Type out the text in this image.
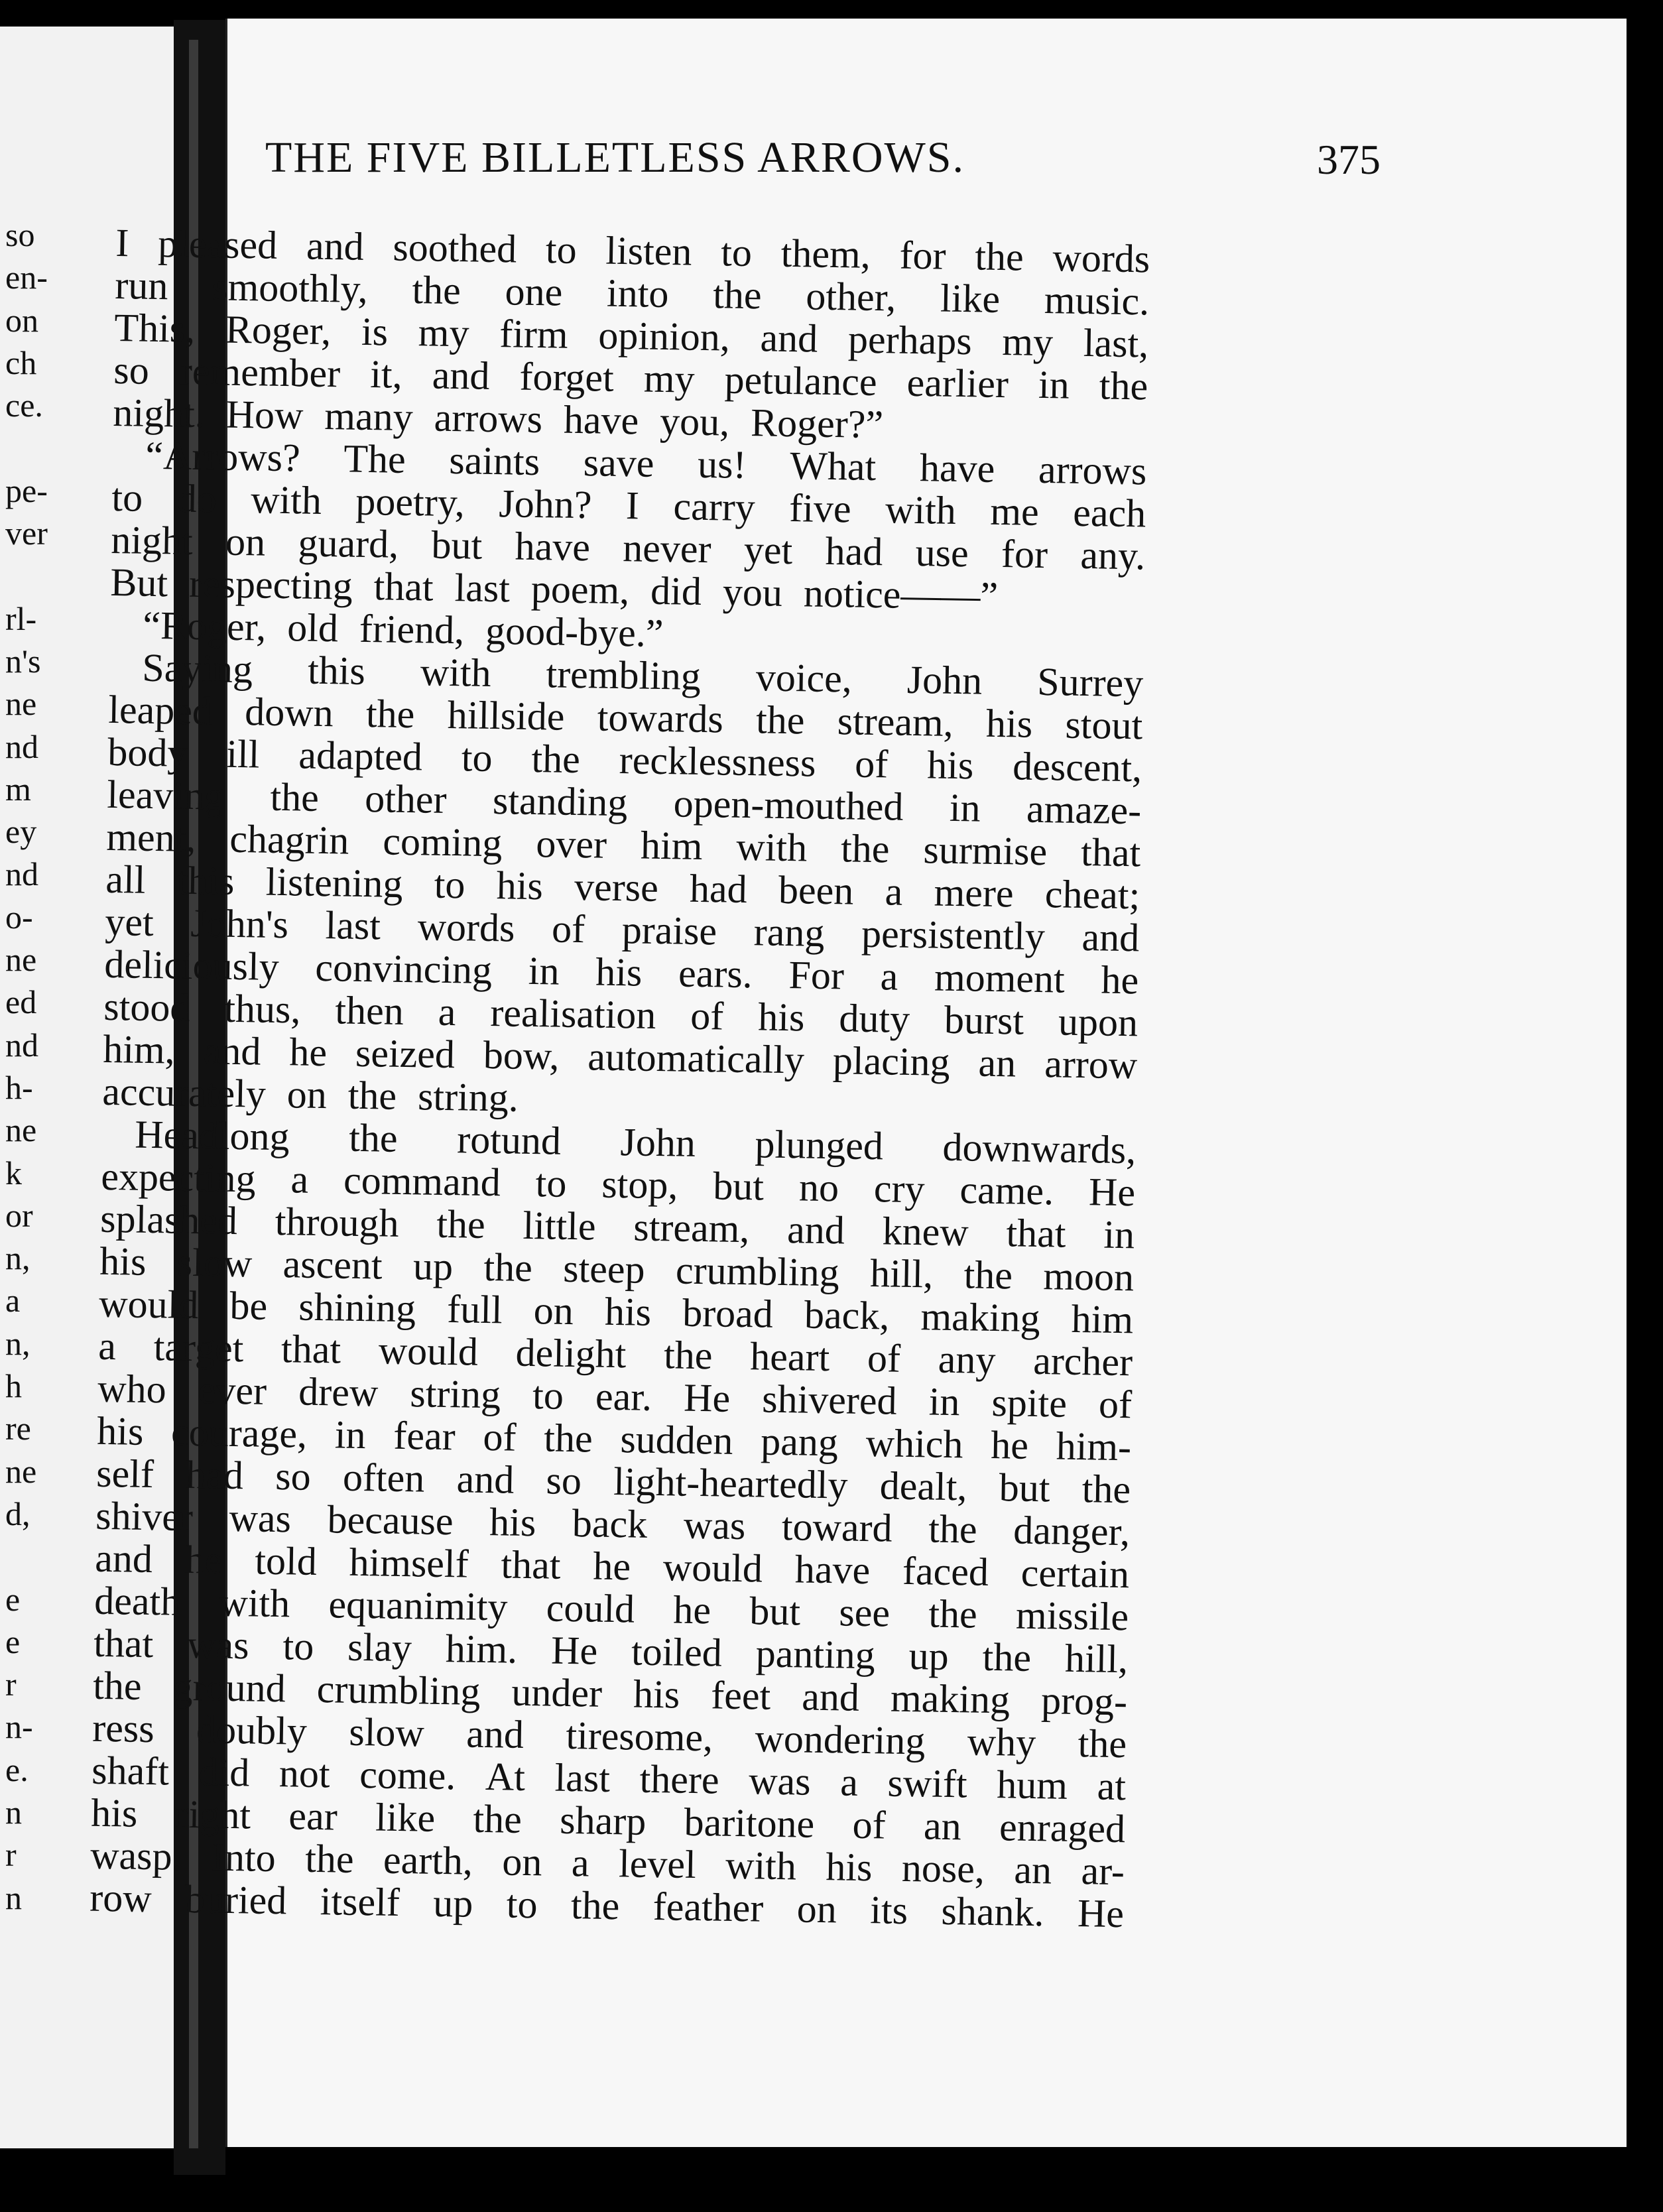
so
en-
on
ch
ce.
pe-
ver
rl-
n's
ne
nd
m
ey
nd
o-
ne
ed
nd
h-
ne
k
or
n,
a
n,
h
re
ne
d,
e
e
r
n-
e.
n
r
n
THE FIVE BILLETLESS ARROWS.	375
I pleased and soothed to listen to them, for the words
run smoothly, the one into the other, like music.
This, Roger, is my firm opinion, and perhaps my last,
so remember it, and forget my petulance earlier in the
night. How many arrows have you, Roger?”
“Arrows? The saints save us! What have arrows
to do with poetry, John? I carry five with me each
night on guard, but have never yet had use for any.
But respecting that last poem, did you notice——”
“Roger, old friend, good-bye.”
Saying this with trembling voice, John Surrey
leaped down the hillside towards the stream, his stout
body ill adapted to the recklessness of his descent,
leaving the other standing open-mouthed in amaze-
ment, chagrin coming over him with the surmise that
all this listening to his verse had been a mere cheat;
yet John's last words of praise rang persistently and
deliciously convincing in his ears. For a moment he
stood thus, then a realisation of his duty burst upon
him, and he seized bow, automatically placing an arrow
accurately on the string.
Headlong the rotund John plunged downwards,
expecting a command to stop, but no cry came. He
splashed through the little stream, and knew that in
his slow ascent up the steep crumbling hill, the moon
would be shining full on his broad back, making him
a target that would delight the heart of any archer
who ever drew string to ear. He shivered in spite of
his courage, in fear of the sudden pang which he him-
self had so often and so light-heartedly dealt, but the
shiver was because his back was toward the danger,
and he told himself that he would have faced certain
death with equanimity could he but see the missile
that was to slay him. He toiled panting up the hill,
the ground crumbling under his feet and making prog-
ress doubly slow and tiresome, wondering why the
shaft did not come. At last there was a swift hum at
his right ear like the sharp baritone of an enraged
wasp. Into the earth, on a level with his nose, an ar-
row buried itself up to the feather on its shank. He
